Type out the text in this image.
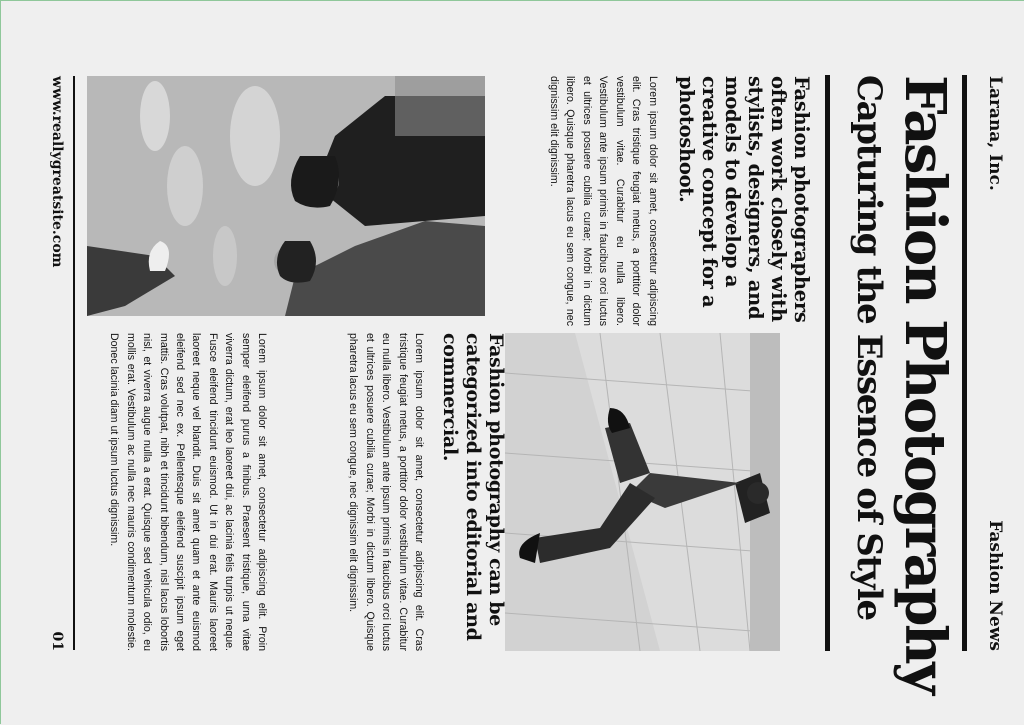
Larana, Inc.
Fashion News
Fashion Photography
Capturing the Essence of Style
Fashion photographers often work closely with stylists, designers, and models to develop a creative concept for a photoshoot.

Lorem ipsum dolor sit amet, consectetur adipiscing elit. Cras tristique feugiat metus, a porttitor dolor vestibulum vitae. Curabitur eu nulla libero. Vestibulum ante ipsum primis in faucibus orci luctus et ultrices posuere cubilia curae; Morbi in dictum libero. Quisque pharetra lacus eu sem congue, nec dignissim elit dignissim.

Fashion photography can be categorized into editorial and commercial.

Lorem ipsum dolor sit amet, consectetur adipiscing elit. Cras tristique feugiat metus, a porttitor dolor vestibulum vitae. Curabitur eu nulla libero. Vestibulum ante ipsum primis in faucibus orci luctus et ultrices posuere cubilia curae; Morbi in dictum libero. Quisque pharetra lacus eu sem congue, nec dignissim elit dignissim.

Lorem ipsum dolor sit amet, consectetur adipiscing elit. Proin semper eleifend purus a finibus. Praesent tristique, urna vitae viverra dictum, erat leo laoreet dui, ac lacinia felis turpis ut neque. Fusce eleifend tincidunt euismod. Ut in dui erat. Mauris laoreet laoreet neque vel blandit. Duis sit amet quam et ante euismod eleifend sed nec ex. Pellentesque eleifend suscipit ipsum eget mattis. Cras volutpat, nibh et tincidunt bibendum, nisl lacus lobortis nisl, et viverra augue nulla a erat. Quisque sed vehicula odio, eu mollis erat. Vestibulum ac nulla nec mauris condimentum molestie. Donec lacinia diam ut ipsum luctus dignissim.

www.reallygreatsite.com
01
